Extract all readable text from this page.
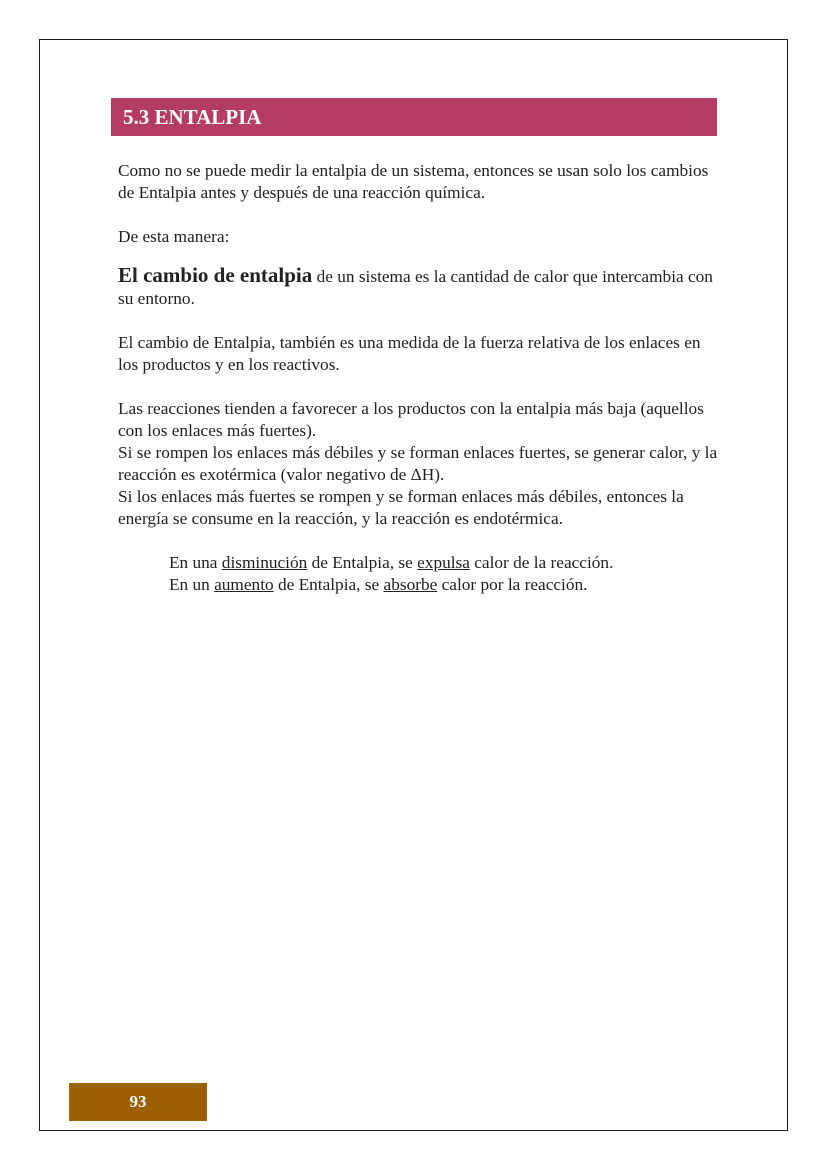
5.3 ENTALPIA

Como no se puede medir la entalpia de un sistema, entonces se usan solo los cambios de Entalpia antes y después de una reacción química.

De esta manera:

El cambio de entalpia de un sistema es la cantidad de calor que intercambia con su entorno.

El cambio de Entalpia, también es una medida de la fuerza relativa de los enlaces en los productos y en los reactivos.

Las reacciones tienden a favorecer a los productos con la entalpia más baja (aquellos con los enlaces más fuertes).

Si se rompen los enlaces más débiles y se forman enlaces fuertes, se generar calor, y la reacción es exotérmica (valor negativo de ΔH).

Si los enlaces más fuertes se rompen y se forman enlaces más débiles, entonces la energía se consume en la reacción, y la reacción es endotérmica.

En una disminución de Entalpia, se expulsa calor de la reacción.

En un aumento de Entalpia, se absorbe calor por la reacción.

93
